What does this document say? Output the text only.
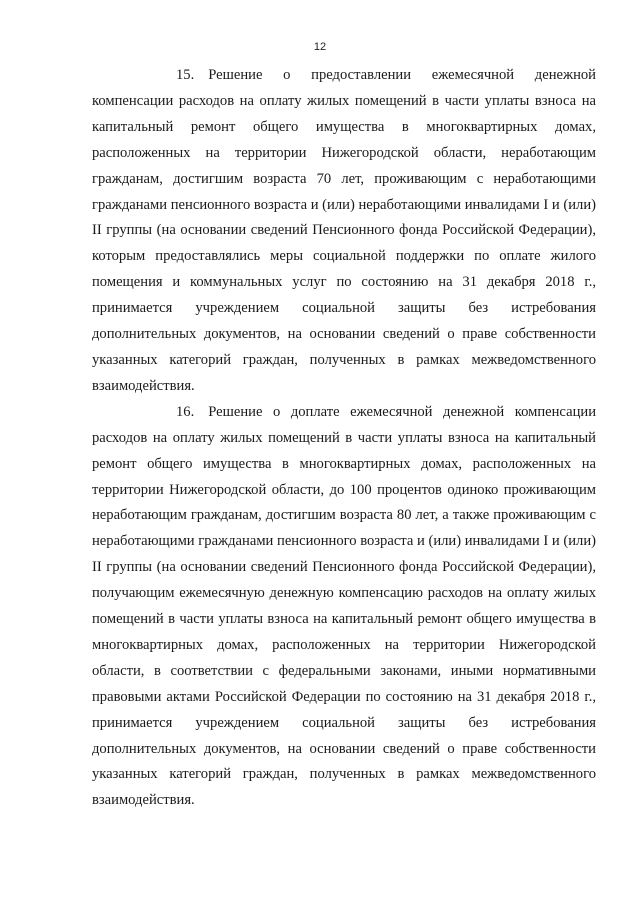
12

15. Решение о предоставлении ежемесячной денежной компенсации расходов на оплату жилых помещений в части уплаты взноса на капитальный ремонт общего имущества в многоквартирных домах, расположенных на территории Нижегородской области, неработающим гражданам, достигшим возраста 70 лет, проживающим с неработающими гражданами пенсионного возраста и (или) неработающими инвалидами I и (или) II группы (на основании сведений Пенсионного фонда Российской Федерации), которым предоставлялись меры социальной поддержки по оплате жилого помещения и коммунальных услуг по состоянию на 31 декабря 2018 г., принимается учреждением социальной защиты без истребования дополнительных документов, на основании сведений о праве собственности указанных категорий граждан, полученных в рамках межведомственного взаимодействия.

16. Решение о доплате ежемесячной денежной компенсации расходов на оплату жилых помещений в части уплаты взноса на капитальный ремонт общего имущества в многоквартирных домах, расположенных на территории Нижегородской области, до 100 процентов одиноко проживающим неработающим гражданам, достигшим возраста 80 лет, а также проживающим с неработающими гражданами пенсионного возраста и (или) инвалидами I и (или) II группы (на основании сведений Пенсионного фонда Российской Федерации), получающим ежемесячную денежную компенсацию расходов на оплату жилых помещений в части уплаты взноса на капитальный ремонт общего имущества в многоквартирных домах, расположенных на территории Нижегородской области, в соответствии с федеральными законами, иными нормативными правовыми актами Российской Федерации по состоянию на 31 декабря 2018 г., принимается учреждением социальной защиты без истребования дополнительных документов, на основании сведений о праве собственности указанных категорий граждан, полученных в рамках межведомственного взаимодействия.
